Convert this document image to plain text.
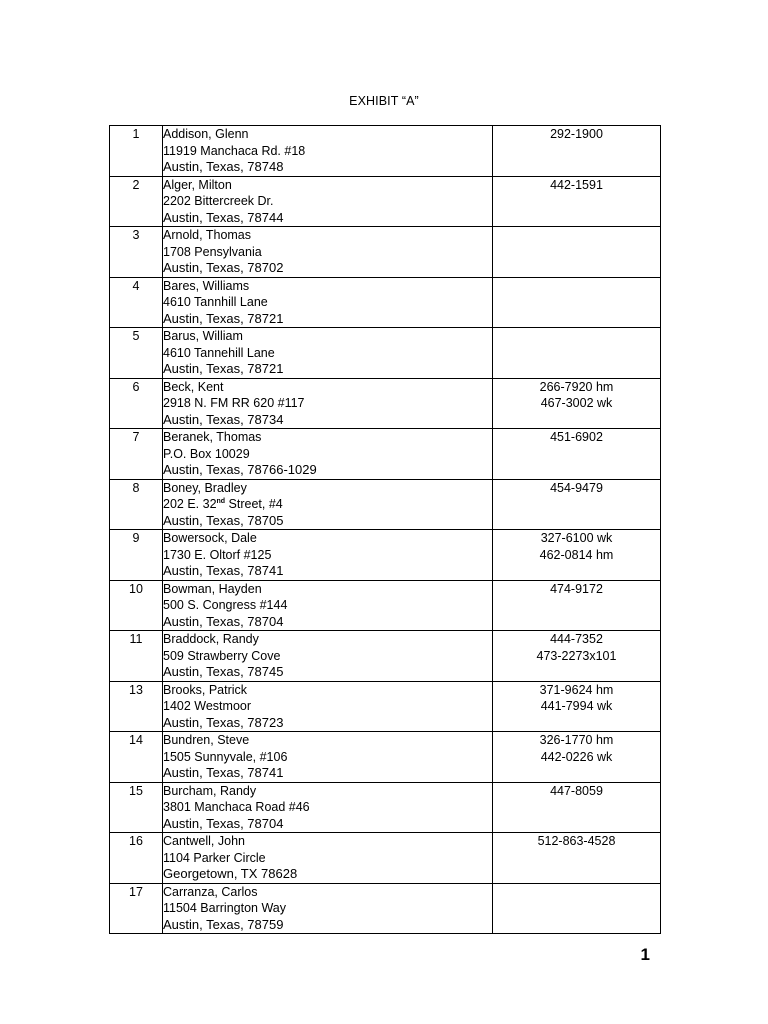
EXHIBIT “A”
1	Addison, Glenn
11919 Manchaca Rd. #18
Austin, Texas, 78748	292-1900

2	Alger, Milton
2202 Bittercreek Dr.
Austin, Texas, 78744	442-1591

3	Arnold, Thomas
1708 Pensylvania
Austin, Texas, 78702	

4	Bares, Williams
4610 Tannhill Lane
Austin, Texas, 78721	

5	Barus, William
4610 Tannehill Lane
Austin, Texas, 78721	

6	Beck, Kent
2918 N. FM RR 620 #117
Austin, Texas, 78734	266-7920 hm
467-3002 wk

7	Beranek, Thomas
P.O. Box 10029
Austin, Texas, 78766-1029	451-6902

8	Boney, Bradley
202 E. 32nd Street, #4
Austin, Texas, 78705	454-9479

9	Bowersock, Dale
1730 E. Oltorf #125
Austin, Texas, 78741	327-6100 wk
462-0814 hm

10	Bowman, Hayden
500 S. Congress #144
Austin, Texas, 78704	474-9172

11	Braddock, Randy
509 Strawberry Cove
Austin, Texas, 78745	444-7352
473-2273x101

13	Brooks, Patrick
1402 Westmoor
Austin, Texas, 78723	371-9624 hm
441-7994 wk

14	Bundren, Steve
1505 Sunnyvale, #106
Austin, Texas, 78741	326-1770 hm
442-0226 wk

15	Burcham, Randy
3801 Manchaca Road #46
Austin, Texas, 78704	447-8059

16	Cantwell, John
1104 Parker Circle
Georgetown, TX 78628	512-863-4528

17	Carranza, Carlos
11504 Barrington Way
Austin, Texas, 78759	

1
